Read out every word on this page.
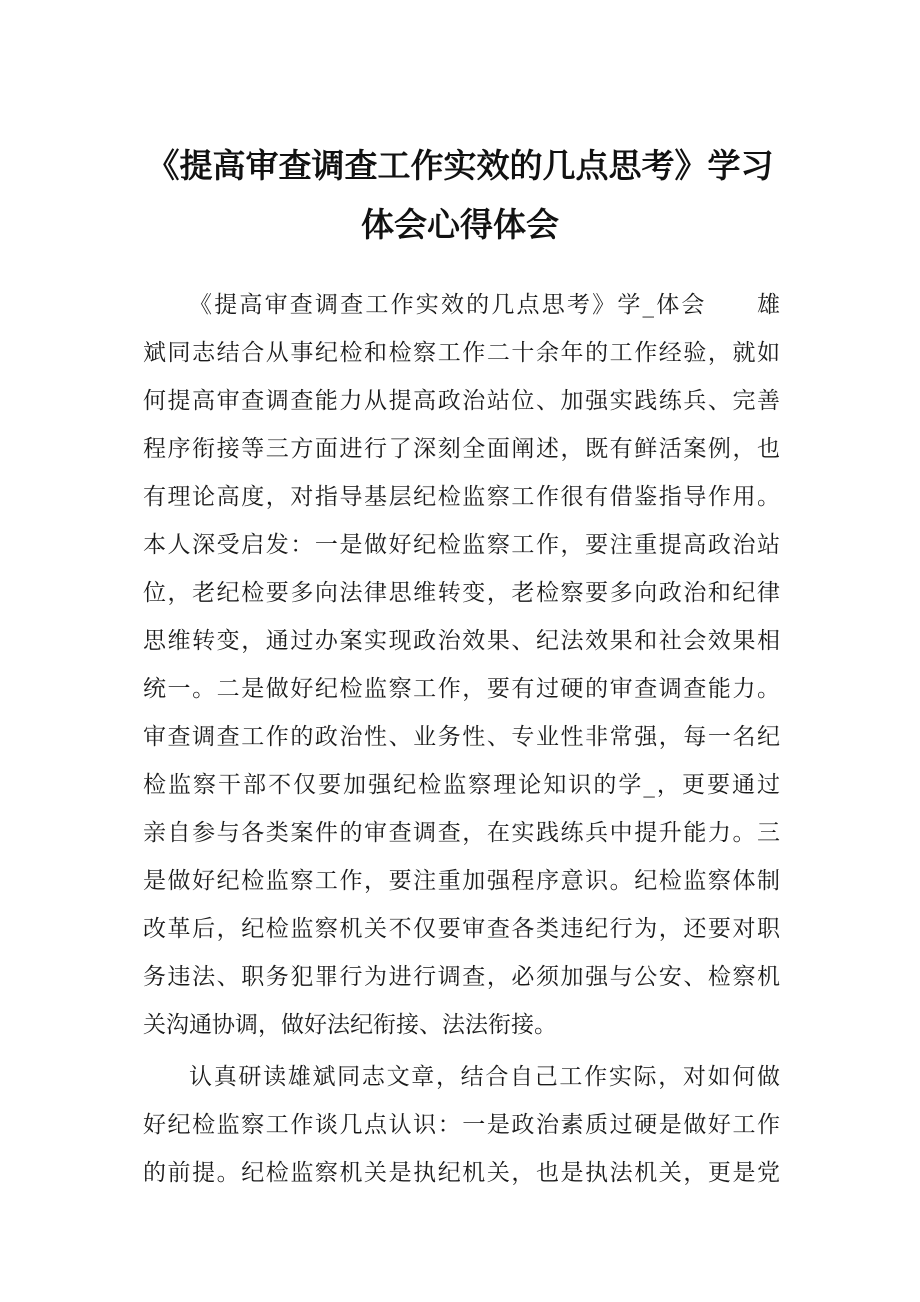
《提高审查调查工作实效的几点思考》学习
体会心得体会

《提高审查调查工作实效的几点思考》学_体会　　雄

斌同志结合从事纪检和检察工作二十余年的工作经验，就如

何提高审查调查能力从提高政治站位、加强实践练兵、完善

程序衔接等三方面进行了深刻全面阐述，既有鲜活案例，也

有理论高度，对指导基层纪检监察工作很有借鉴指导作用。

本人深受启发：一是做好纪检监察工作，要注重提高政治站

位，老纪检要多向法律思维转变，老检察要多向政治和纪律

思维转变，通过办案实现政治效果、纪法效果和社会效果相

统一。二是做好纪检监察工作，要有过硬的审查调查能力。

审查调查工作的政治性、业务性、专业性非常强，每一名纪

检监察干部不仅要加强纪检监察理论知识的学_，更要通过

亲自参与各类案件的审查调查，在实践练兵中提升能力。三

是做好纪检监察工作，要注重加强程序意识。纪检监察体制

改革后，纪检监察机关不仅要审查各类违纪行为，还要对职

务违法、职务犯罪行为进行调查，必须加强与公安、检察机

关沟通协调，做好法纪衔接、法法衔接。

认真研读雄斌同志文章，结合自己工作实际，对如何做

好纪检监察工作谈几点认识：一是政治素质过硬是做好工作

的前提。纪检监察机关是执纪机关，也是执法机关，更是党
